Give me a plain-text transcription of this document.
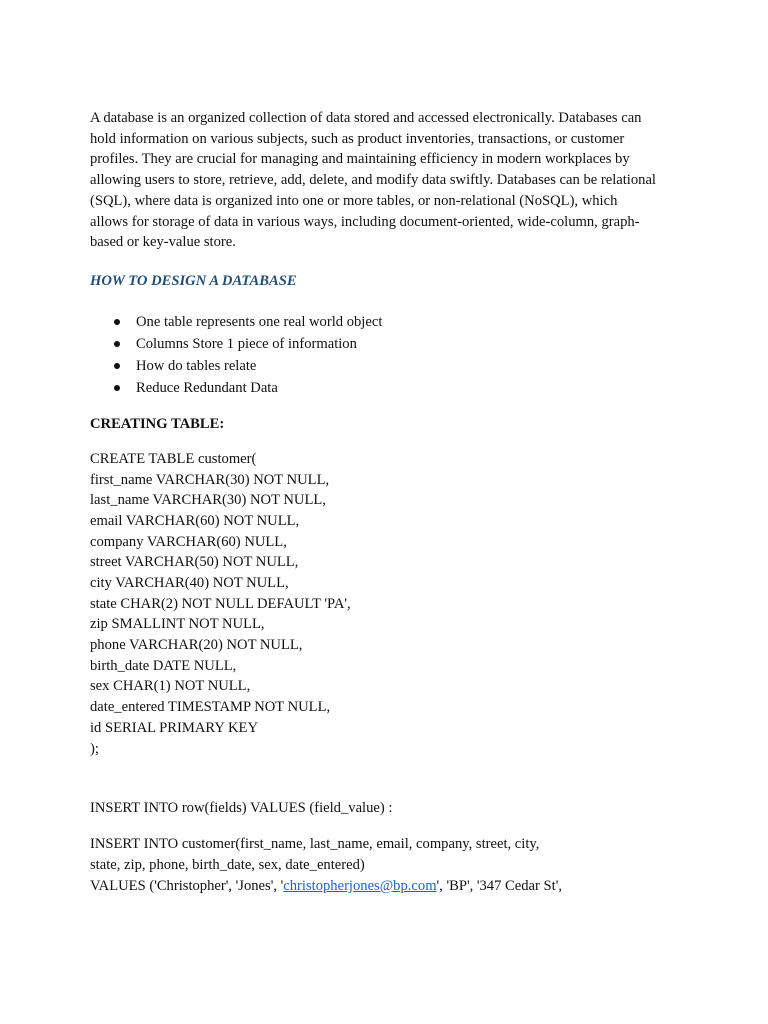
A database is an organized collection of data stored and accessed electronically. Databases can

hold information on various subjects, such as product inventories, transactions, or customer

profiles. They are crucial for managing and maintaining efficiency in modern workplaces by

allowing users to store, retrieve, add, delete, and modify data swiftly. Databases can be relational

(SQL), where data is organized into one or more tables, or non-relational (NoSQL), which

allows for storage of data in various ways, including document-oriented, wide-column, graph-

based or key-value store.

HOW TO DESIGN A DATABASE
One table represents one real world object
Columns Store 1 piece of information
How do tables relate
Reduce Redundant Data
CREATING TABLE:
CREATE TABLE customer(
first_name VARCHAR(30) NOT NULL,
last_name VARCHAR(30) NOT NULL,
email VARCHAR(60) NOT NULL,
company VARCHAR(60) NULL,
street VARCHAR(50) NOT NULL,
city VARCHAR(40) NOT NULL,
state CHAR(2) NOT NULL DEFAULT 'PA',
zip SMALLINT NOT NULL,
phone VARCHAR(20) NOT NULL,
birth_date DATE NULL,
sex CHAR(1) NOT NULL,
date_entered TIMESTAMP NOT NULL,
id SERIAL PRIMARY KEY
);
INSERT INTO row(fields) VALUES (field_value) :
INSERT INTO customer(first_name, last_name, email, company, street, city,
state, zip, phone, birth_date, sex, date_entered)
VALUES ('Christopher', 'Jones', 'christopherjones@bp.com', 'BP', '347 Cedar St',
